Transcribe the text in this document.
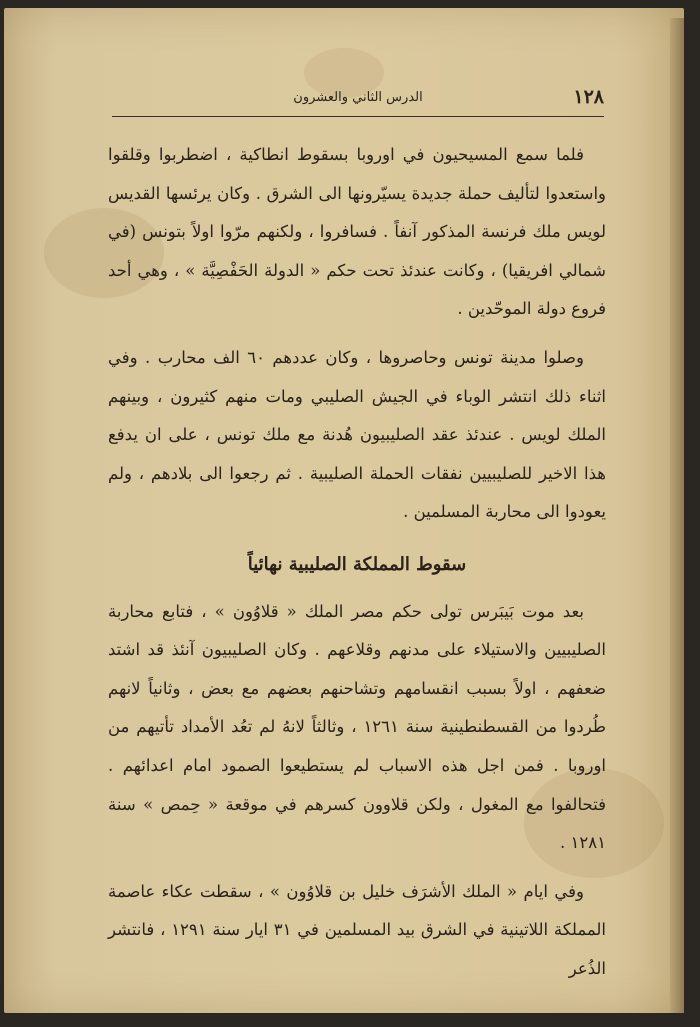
١٢٨
الدرس الثاني والعشرون

فلما سمع المسيحيون في اوروبا بسقوط انطاكية ، اضطربوا وقلقوا واستعدوا لتأليف حملة جديدة يسيّرونها الى الشرق . وكان يرئسها القديس لويس ملك فرنسة المذكور آنفاً . فسافروا ، ولكنهم مرّوا اولاً بتونس (في شمالي افريقيا) ، وكانت عندئذ تحت حكم « الدولة الحَفْصِيَّة » ، وهي أحد فروع دولة الموحّدين .

وصلوا مدينة تونس وحاصروها ، وكان عددهم ٦٠ الف محارب . وفي اثناء ذلك انتشر الوباء في الجيش الصليبي ومات منهم كثيرون ، وبينهم الملك لويس . عندئذ عقد الصليبيون هُدنة مع ملك تونس ، على ان يدفع هذا الاخير للصليبيين نفقات الحملة الصليبية . ثم رجعوا الى بلادهم ، ولم يعودوا الى محاربة المسلمين .

سقوط المملكة الصليبية نهائياً

بعد موت بَيبَرس تولى حكم مصر الملك « قلاوُون » ، فتابع محاربة الصليبيين والاستيلاء على مدنهم وقلاعهم . وكان الصليبيون آنئذ قد اشتد ضعفهم ، اولاً بسبب انقسامهم وتشاحنهم بعضهم مع بعض ، وثانياً لانهم طُردوا من القسطنطينية سنة ١٢٦١ ، وثالثاً لانهُ لم تعُد الأمداد تأتيهم من اوروبا . فمن اجل هذه الاسباب لم يستطيعوا الصمود امام اعدائهم . فتحالفوا مع المغول ، ولكن قلاوون كسرهم في موقعة « حِمص » سنة ١٢٨١ .

وفي ايام « الملك الأشرَف خليل بن قلاوُون » ، سقطت عكاء عاصمة المملكة اللاتينية في الشرق بيد المسلمين في ٣١ ايار سنة ١٢٩١ ، فانتشر الذُعر
